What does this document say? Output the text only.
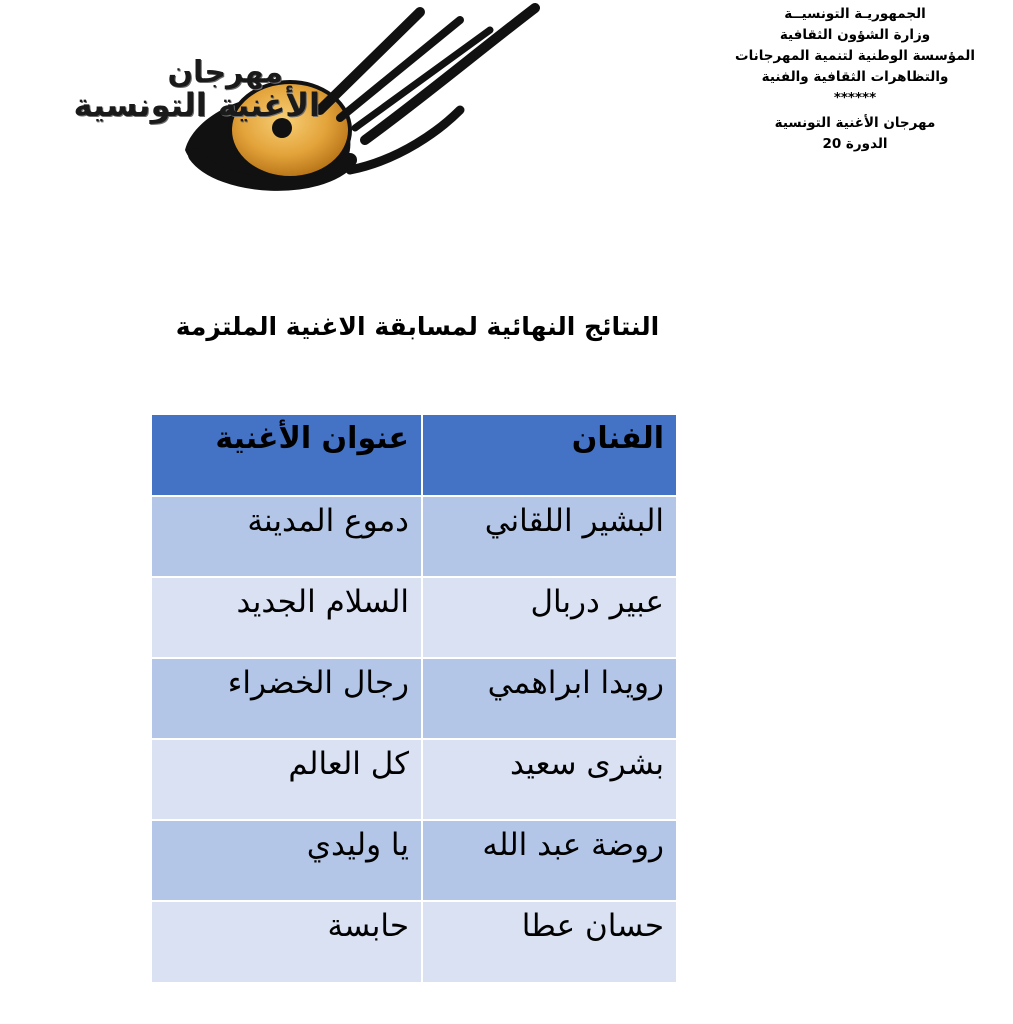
مهرجان
الأغنية التونسية
الجمهوريـة التونسيــة
وزارة الشؤون الثقافية
المؤسسة الوطنية لتنمية المهرجانات
والتظاهرات الثقافية والفنية
******
مهرجان الأغنية التونسية
الدورة 20
النتائج النهائية لمسابقة الاغنية الملتزمة
الفنان	عنوان الأغنية
البشير اللقاني	دموع المدينة
عبير دربال	السلام الجديد
رويدا ابراهمي	رجال الخضراء
بشرى سعيد	كل العالم
روضة عبد الله	يا وليدي
حسان عطا	حابسة
